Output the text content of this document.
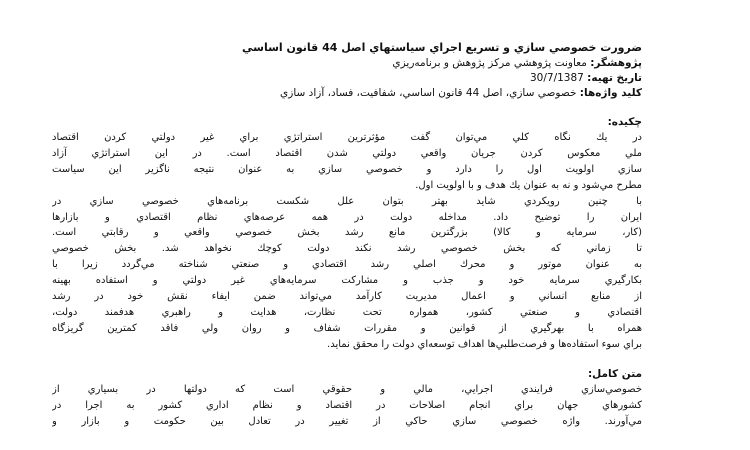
ضرورت خصوصي سازي و تسريع اجراي سياستهاي اصل 44 قانون اساسي

پژوهشگر: معاونت پژوهشي مركز پژوهش و برنامه‌ريزي

تاريخ تهيه: 30/7/1387

كليد واژه‌ها: خصوصي سازي، اصل 44 قانون اساسي، شفافيت، فساد، آزاد سازي

چكيده:

در يك نگاه كلي مي‌توان گفت مؤثرترين استراتژي براي غير دولتي كردن اقتصاد
ملي معكوس كردن جريان واقعي دولتي شدن اقتصاد است. در اين استراتژي آزاد
سازي اولويت اول را دارد و خصوصي سازي به عنوان نتيجه ناگزير اين سياست
مطرح مي‌شود و نه به عنوان يك هدف و با اولويت اول.
با چنين رويكردي شايد بهتر بتوان علل شكست برنامه‌هاي خصوصي سازي در
ايران را توضيح داد. مداخله دولت در همه عرصه‌هاي نظام اقتصادي و بازارها
(كار، سرمايه و كالا) بزرگترين مانع رشد بخش خصوصي واقعي و رقابتي است.
تا زماني كه بخش خصوصي رشد نكند دولت كوچك نخواهد شد. بخش خصوصي
به عنوان موتور و محرك اصلي رشد اقتصادي و صنعتي شناخته مي‌گردد زيرا با
بكارگيري سرمايه خود و جذب و مشاركت سرمايه‌هاي غير دولتي و استفاده بهينه
از منابع انساني و اعمال مديريت كارآمد مي‌تواند ضمن ايفاء نقش خود در رشد
اقتصادي و صنعتي كشور، همواره تحت نظارت، هدايت و راهبري هدفمند دولت،
همراه با بهرگيري از قوانين و مقررات شفاف و روان ولي فاقد كمترين گريزگاه
براي سوء استفاده‌ها و فرصت‌طلبي‌ها اهداف توسعه‌اي دولت را محقق نمايد.

متن كامل:

خصوصي‌سازي فرايندي اجرايي، مالي و حقوقي است كه دولتها در بسياري از
كشورهاي جهان براي انجام اصلاحات در اقتصاد و نظام اداري كشور به اجرا در
مي‌آورند. واژه خصوصي سازي حاكي از تغيير در تعادل بين حكومت و بازار و
